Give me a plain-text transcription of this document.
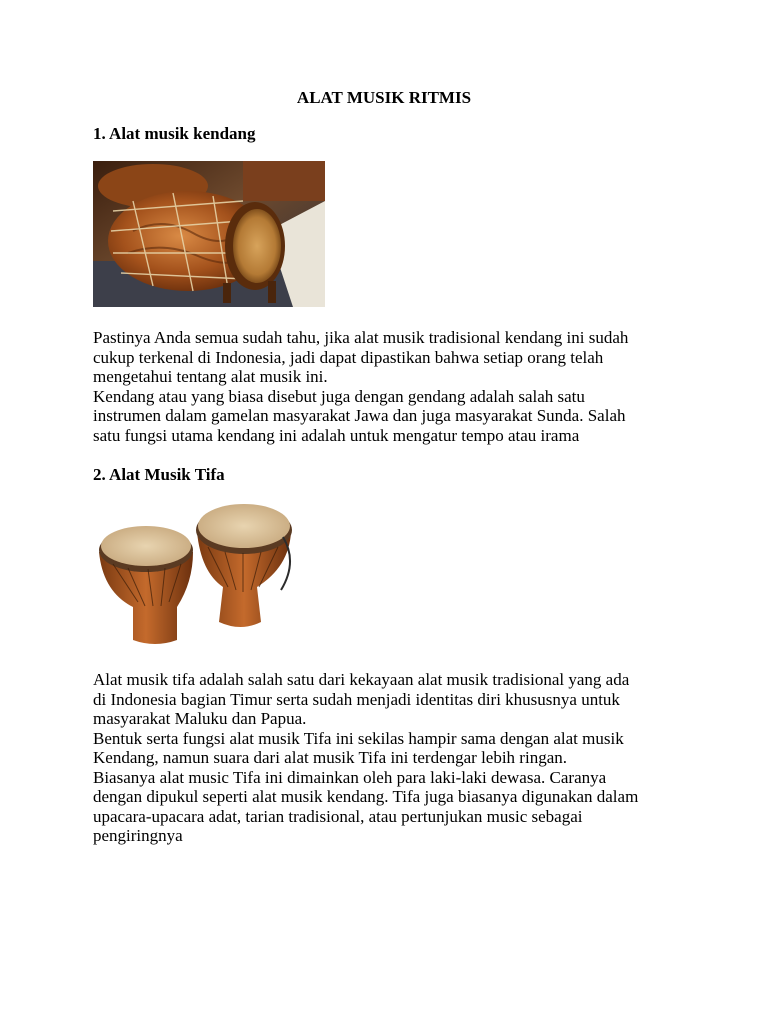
ALAT MUSIK RITMIS
1. Alat musik kendang
Pastinya Anda semua sudah tahu, jika alat musik tradisional kendang ini sudah
cukup terkenal di Indonesia, jadi dapat dipastikan bahwa setiap orang telah
mengetahui tentang alat musik ini.
Kendang atau yang biasa disebut juga dengan gendang adalah salah satu
instrumen dalam gamelan masyarakat Jawa dan juga masyarakat Sunda. Salah
satu fungsi utama kendang ini adalah untuk mengatur tempo atau irama
2. Alat Musik Tifa
Alat musik tifa adalah salah satu dari kekayaan alat musik tradisional yang ada
di Indonesia bagian Timur serta sudah menjadi identitas diri khususnya untuk
masyarakat Maluku dan Papua.
Bentuk serta fungsi alat musik Tifa ini sekilas hampir sama dengan alat musik
Kendang, namun suara dari alat musik Tifa ini terdengar lebih ringan.
Biasanya alat music Tifa ini dimainkan oleh para laki-laki dewasa. Caranya
dengan dipukul seperti alat musik kendang. Tifa juga biasanya digunakan dalam
upacara-upacara adat, tarian tradisional, atau pertunjukan music sebagai
pengiringnya
